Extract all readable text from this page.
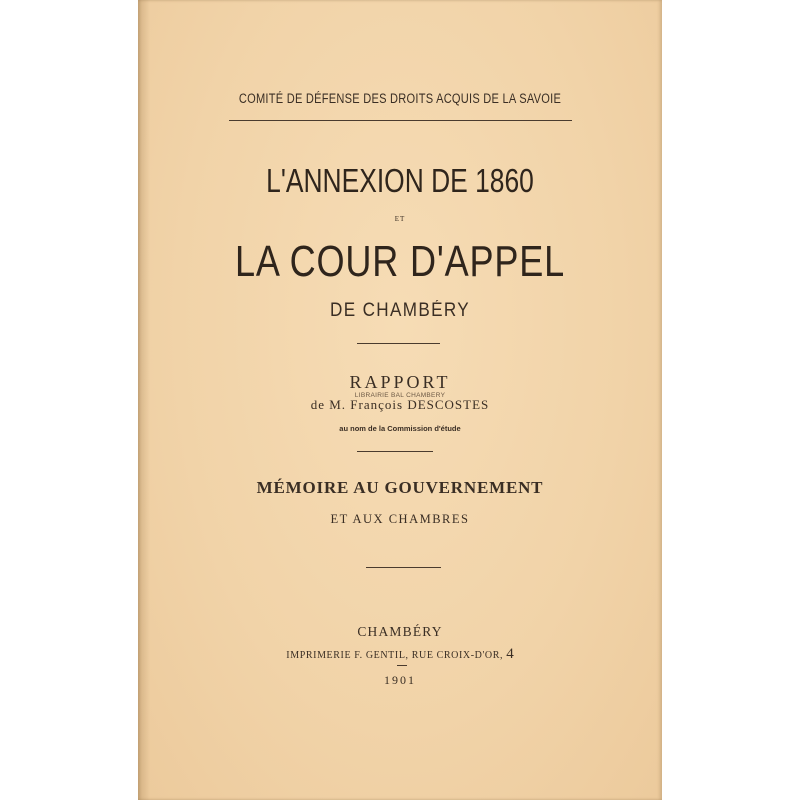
COMITÉ DE DÉFENSE DES DROITS ACQUIS DE LA SAVOIE
L'ANNEXION DE 1860
ET
LA COUR D'APPEL
DE CHAMBÉRY
RAPPORT
LIBRAIRIE BAL CHAMBERY
de M. François DESCOSTES
au nom de la Commission d'étude
MÉMOIRE AU GOUVERNEMENT
ET AUX CHAMBRES
CHAMBÉRY
IMPRIMERIE F. GENTIL, RUE CROIX-D'OR, 4
1901
